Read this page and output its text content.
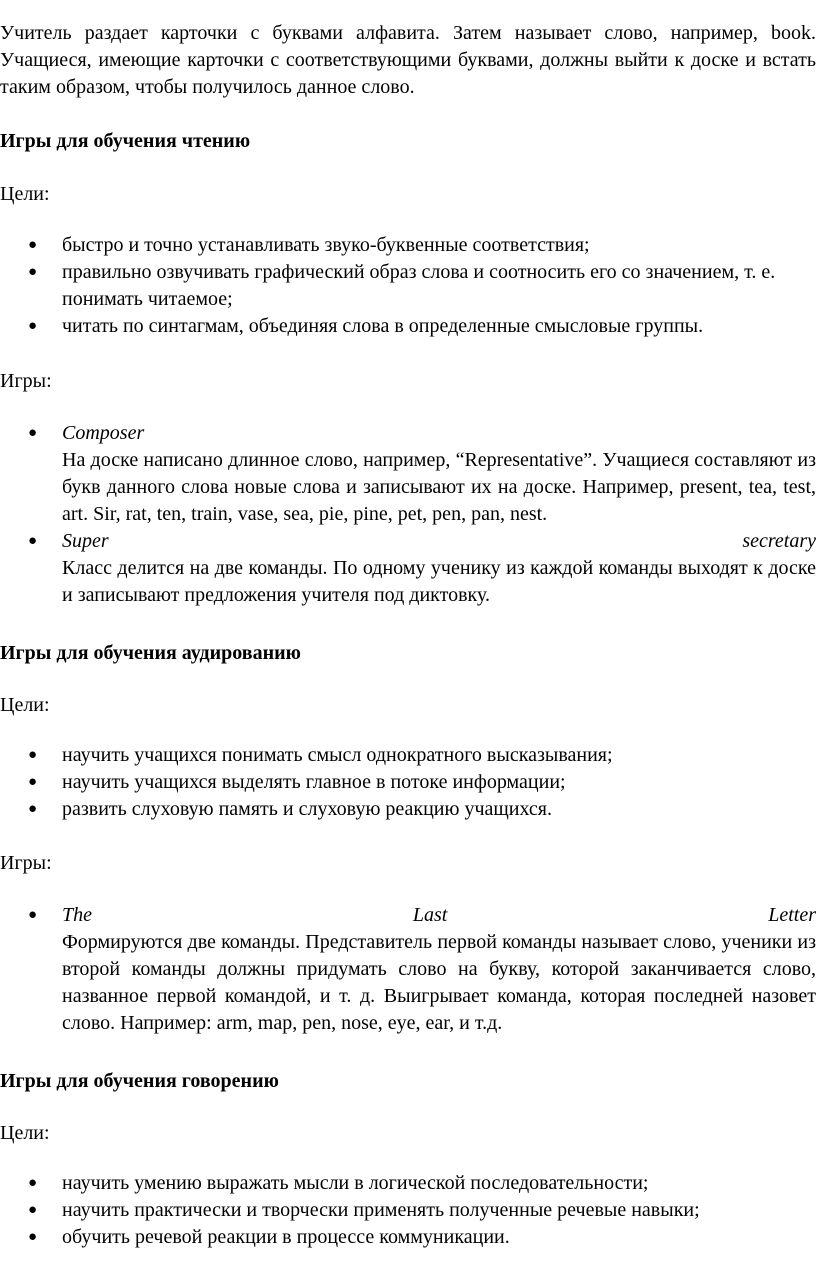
Учитель раздает карточки с буквами алфавита. Затем называет слово, например, book. Учащиеся, имеющие карточки с соответствующими буквами, должны выйти к доске и встать таким образом, чтобы получилось данное слово.

Игры для обучения чтению
Цели:
● быстро и точно устанавливать звуко-буквенные соответствия;
● правильно озвучивать графический образ слова и соотносить его со значением, т. е. понимать читаемое;
● читать по синтагмам, объединяя слова в определенные смысловые группы.
Игры:
● Composer
На доске написано длинное слово, например, “Representative”. Учащиеся составляют из букв данного слова новые слова и записывают их на доске. Например, present, tea, test, art. Sir, rat, ten, train, vase, sea, pie, pine, pet, pen, pan, nest.
● Super	secretary
Класс делится на две команды. По одному ученику из каждой команды выходят к доске и записывают предложения учителя под диктовку.
Игры для обучения аудированию
Цели:
● научить учащихся понимать смысл однократного высказывания;
● научить учащихся выделять главное в потоке информации;
● развить слуховую память и слуховую реакцию учащихся.
Игры:
● The	Last	Letter
Формируются две команды. Представитель первой команды называет слово, ученики из второй команды должны придумать слово на букву, которой заканчивается слово, названное первой командой, и т. д. Выигрывает команда, которая последней назовет слово. Например: arm, map, pen, nose, eye, ear, и т.д.
Игры для обучения говорению
Цели:
● научить умению выражать мысли в логической последовательности;
● научить практически и творчески применять полученные речевые навыки;
● обучить речевой реакции в процессе коммуникации.
